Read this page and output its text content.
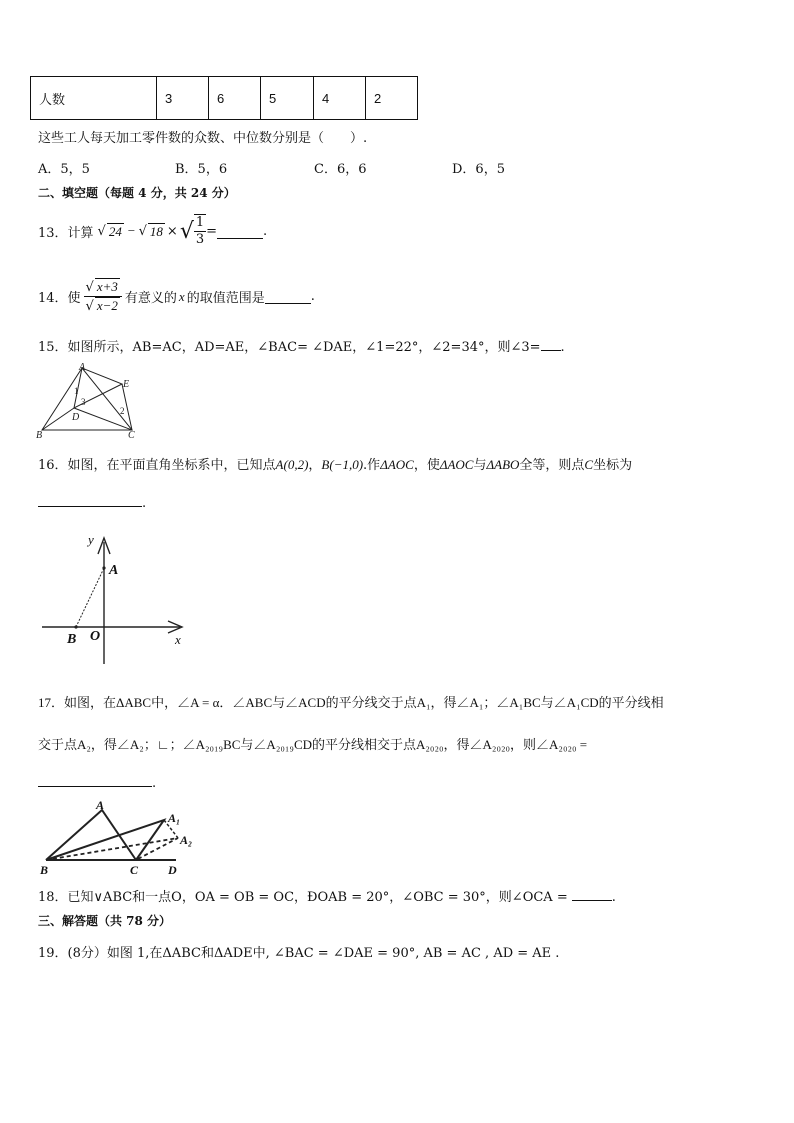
人数	3	6	5	4	2
这些工人每天加工零件数的众数、中位数分别是（　　）.
A．5，5	B．5，6	C．6，6	D．6，5
二、填空题（每题 4 分，共 24 分）
13．计算 √ 24 − √ 18 × √ $\frac{1}{3}$ =	.
14．使 $\frac{√ x+3}{√ x-2}$ 有意义的 x 的取值范围是	.
15．如图所示，AB=AC，AD=AE，∠BAC= ∠DAE，∠1=22°，∠2=34°，则∠3= .
A
E
D
B	C
1
3
2
16．如图，在平面直角坐标系中，已知点A(0,2)，B(−1,0).作ΔAOC，使ΔAOC与ΔABO全等，则点C坐标为
.
y
x
A
B O
17．如图，在ΔABC中，∠A = α．∠ABC与∠ACD的平分线交于点A₁，得∠A₁；∠A₁BC与∠A₁CD的平分线相
交于点A₂，得∠A₂；∟；∠A₂₀₁₉BC与∠A₂₀₁₉CD的平分线相交于点A₂₀₂₀，得∠A₂₀₂₀，则∠A₂₀₂₀ =
.
A
A₁
A₂
B	C D
18．已知∨ABC和一点O，OA = OB = OC，ÐOAB = 20°，∠OBC = 30°，则∠OCA =	.
三、解答题（共 78 分）
19．(8分）如图 1,在ΔABC和ΔADE中, ∠BAC = ∠DAE = 90°, AB = AC , AD = AE .
